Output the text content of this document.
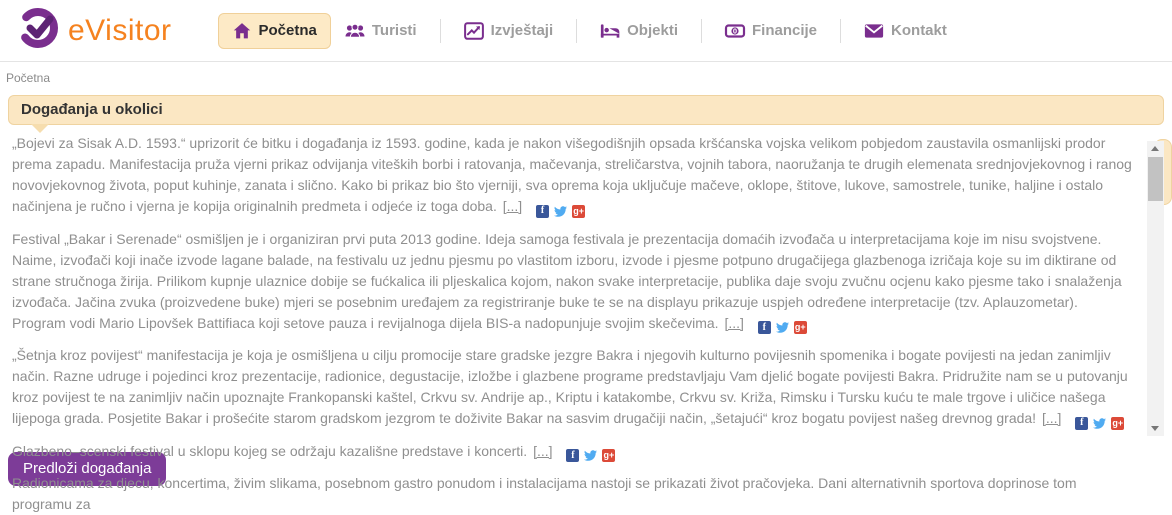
eVisitor	Početna	Turisti	Izvještaji	Objekti	0 Financije	Kontakt
Početna
Događanja u okolici

„Bojevi za Sisak A.D. 1593.“ uprizorit će bitku i događanja iz 1593. godine, kada je nakon višegodišnjih opsada kršćanska vojska velikom pobjedom zaustavila osmanlijski prodor prema zapadu. Manifestacija pruža vjerni prikaz odvijanja viteških borbi i ratovanja, mačevanja, streličarstva, vojnih tabora, naoružanja te drugih elemenata srednjovjekovnog i ranog novovjekovnog života, poput kuhinje, zanata i slično. Kako bi prikaz bio što vjerniji, sva oprema koja uključuje mačeve, oklope, štitove, lukove, samostrele, tunike, haljine i ostalo načinjena je ručno i vjerna je kopija originalnih predmeta i odjeće iz toga doba. [...]	f	g+

Festival „Bakar i Serenade“ osmišljen je i organiziran prvi puta 2013 godine. Ideja samoga festivala je prezentacija domaćih izvođača u interpretacijama koje im nisu svojstvene. Naime, izvođači koji inače izvode lagane balade, na festivalu uz jednu pjesmu po vlastitom izboru, izvode i pjesme potpuno drugačijega glazbenoga izričaja koje su im diktirane od strane stručnoga žirija. Prilikom kupnje ulaznice dobije se fućkalica ili pljeskalica kojom, nakon svake interpretacije, publika daje svoju zvučnu ocjenu kako pjesme tako i snalaženja izvođača. Jačina zvuka (proizvedene buke) mjeri se posebnim uređajem za registriranje buke te se na displayu prikazuje uspjeh određene interpretacije (tzv. Aplauzometar). Program vodi Mario Lipovšek Battifiaca koji setove pauza i revijalnoga dijela BIS-a nadopunjuje svojim skečevima. [...]	f	g+

„Šetnja kroz povijest“ manifestacija je koja je osmišljena u cilju promocije stare gradske jezgre Bakra i njegovih kulturno povijesnih spomenika i bogate povijesti na jedan zanimljiv način. Razne udruge i pojedinci kroz prezentacije, radionice, degustacije, izložbe i glazbene programe predstavljaju Vam djelić bogate povijesti Bakra. Pridružite nam se u putovanju kroz povijest te na zanimljiv način upoznajte Frankopanski kaštel, Crkvu sv. Andrije ap., Kriptu i katakombe, Crkvu sv. Križa, Rimsku i Tursku kuću te male trgove i uličice našega lijepoga grada. Posjetite Bakar i prošećite starom gradskom jezgrom te doživite Bakar na sasvim drugačiji način, „šetajući“ kroz bogatu povijest našeg drevnog grada! [...]	f	g+

Glazbeno–scenski festival u sklopu kojeg se održaju kazališne predstave i koncerti. [...]	f	g+

Radionicama za djecu, koncertima, živim slikama, posebnom gastro ponudom i instalacijama nastoji se prikazati život pračovjeka. Dani alternativnih sportova doprinose tom programu za

Predloži događanja
